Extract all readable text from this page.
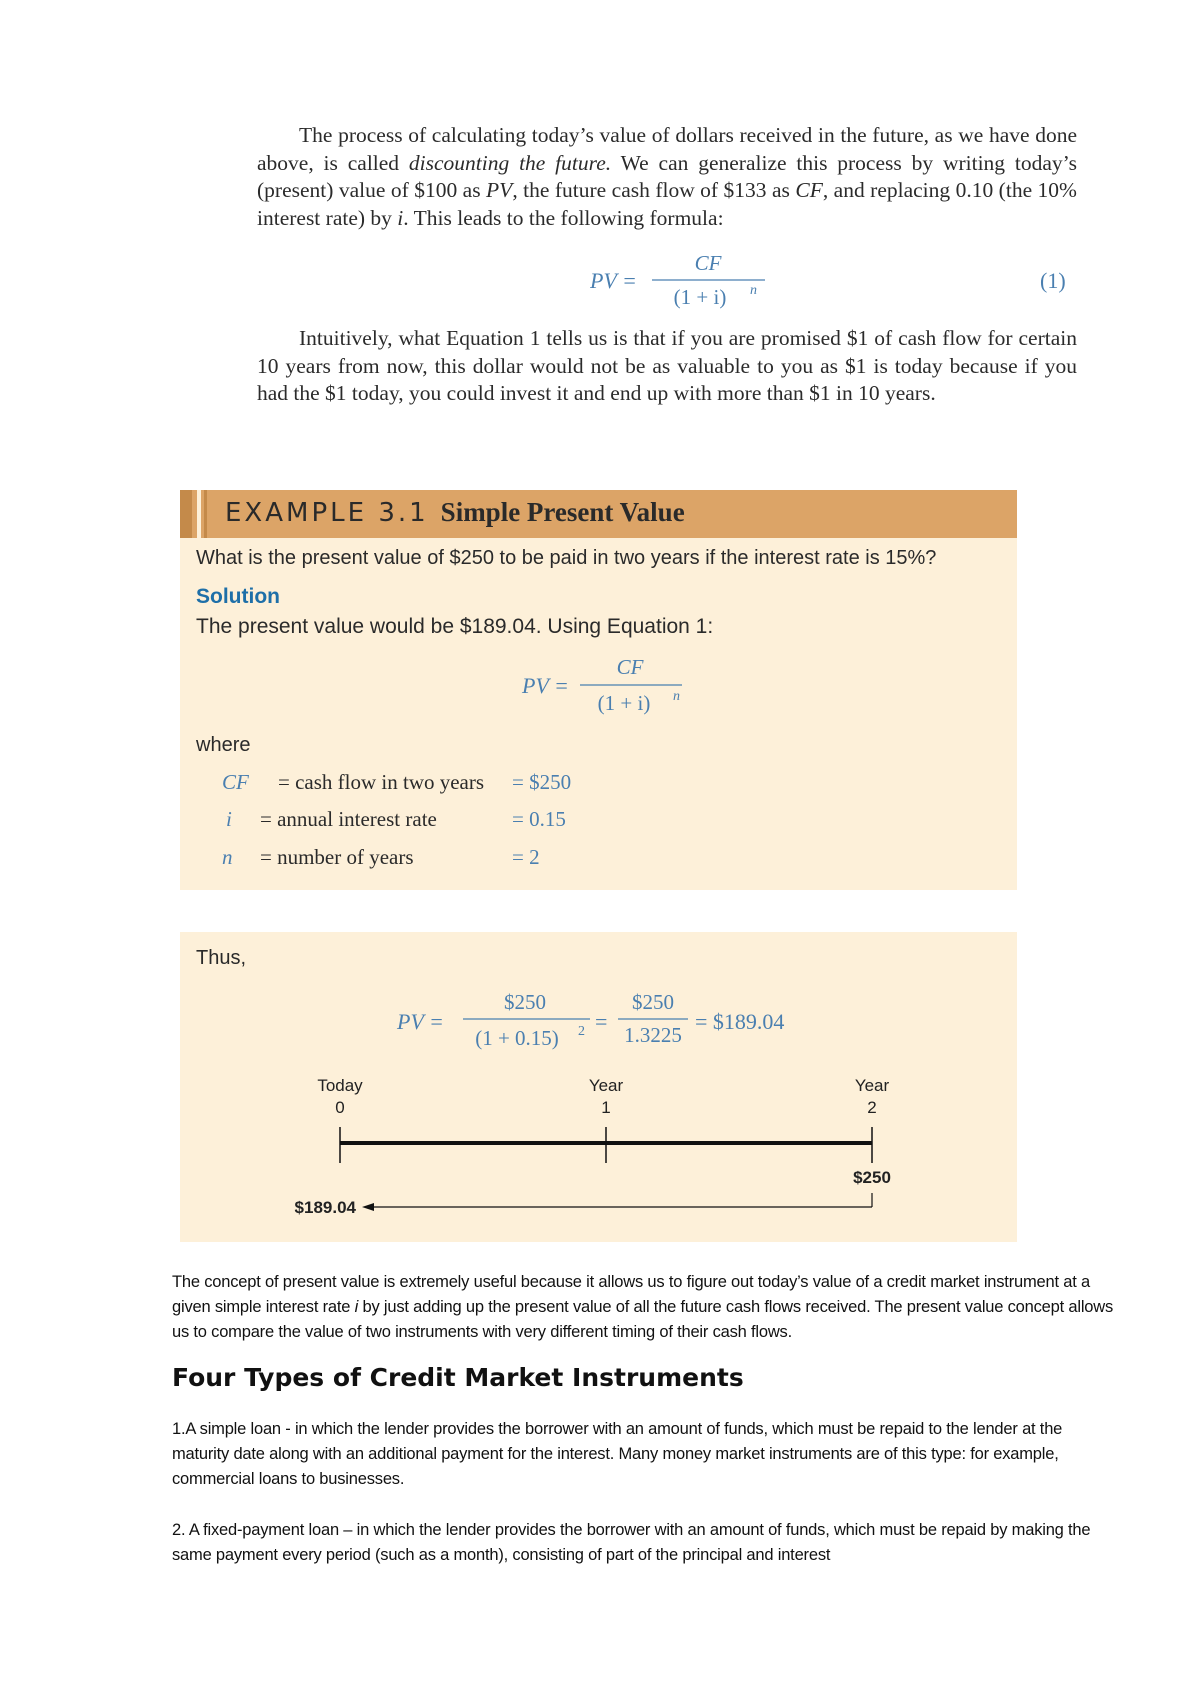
The process of calculating today’s value of dollars received in the future, as we have done above, is called discounting the future. We can generalize this process by writing today’s (present) value of $100 as PV, the future cash flow of $133 as CF, and replacing 0.10 (the 10% interest rate) by i. This leads to the following formula:

PV =
CF
(1 + i) n	(1)

Intuitively, what Equation 1 tells us is that if you are promised $1 of cash flow for certain 10 years from now, this dollar would not be as valuable to you as $1 is today because if you had the $1 today, you could invest it and end up with more than $1 in 10 years.

EXAMPLE 3.1 Simple Present Value
What is the present value of $250 to be paid in two years if the interest rate is 15%?
Solution
The present value would be $189.04. Using Equation 1:
PV =
CF
(1 + i) n
where
CF = cash flow in two years = $250
i = annual interest rate	= 0.15
n = number of years	= 2
Thus,
PV =
$250
(1 + 0.15) 2 =
$250
1.3225
= $189.04
Today
0
Year
1
Year
2
$250
$189.04

The concept of present value is extremely useful because it allows us to figure out today’s value of a credit market instrument at a given simple interest rate i by just adding up the present value of all the future cash flows received. The present value concept allows us to compare the value of two instruments with very different timing of their cash flows.

Four Types of Credit Market Instruments

1.A simple loan - in which the lender provides the borrower with an amount of funds, which must be repaid to the lender at the maturity date along with an additional payment for the interest. Many money market instruments are of this type: for example, commercial loans to businesses.

2. A fixed-payment loan – in which the lender provides the borrower with an amount of funds, which must be repaid by making the same payment every period (such as a month), consisting of part of the principal and interest
